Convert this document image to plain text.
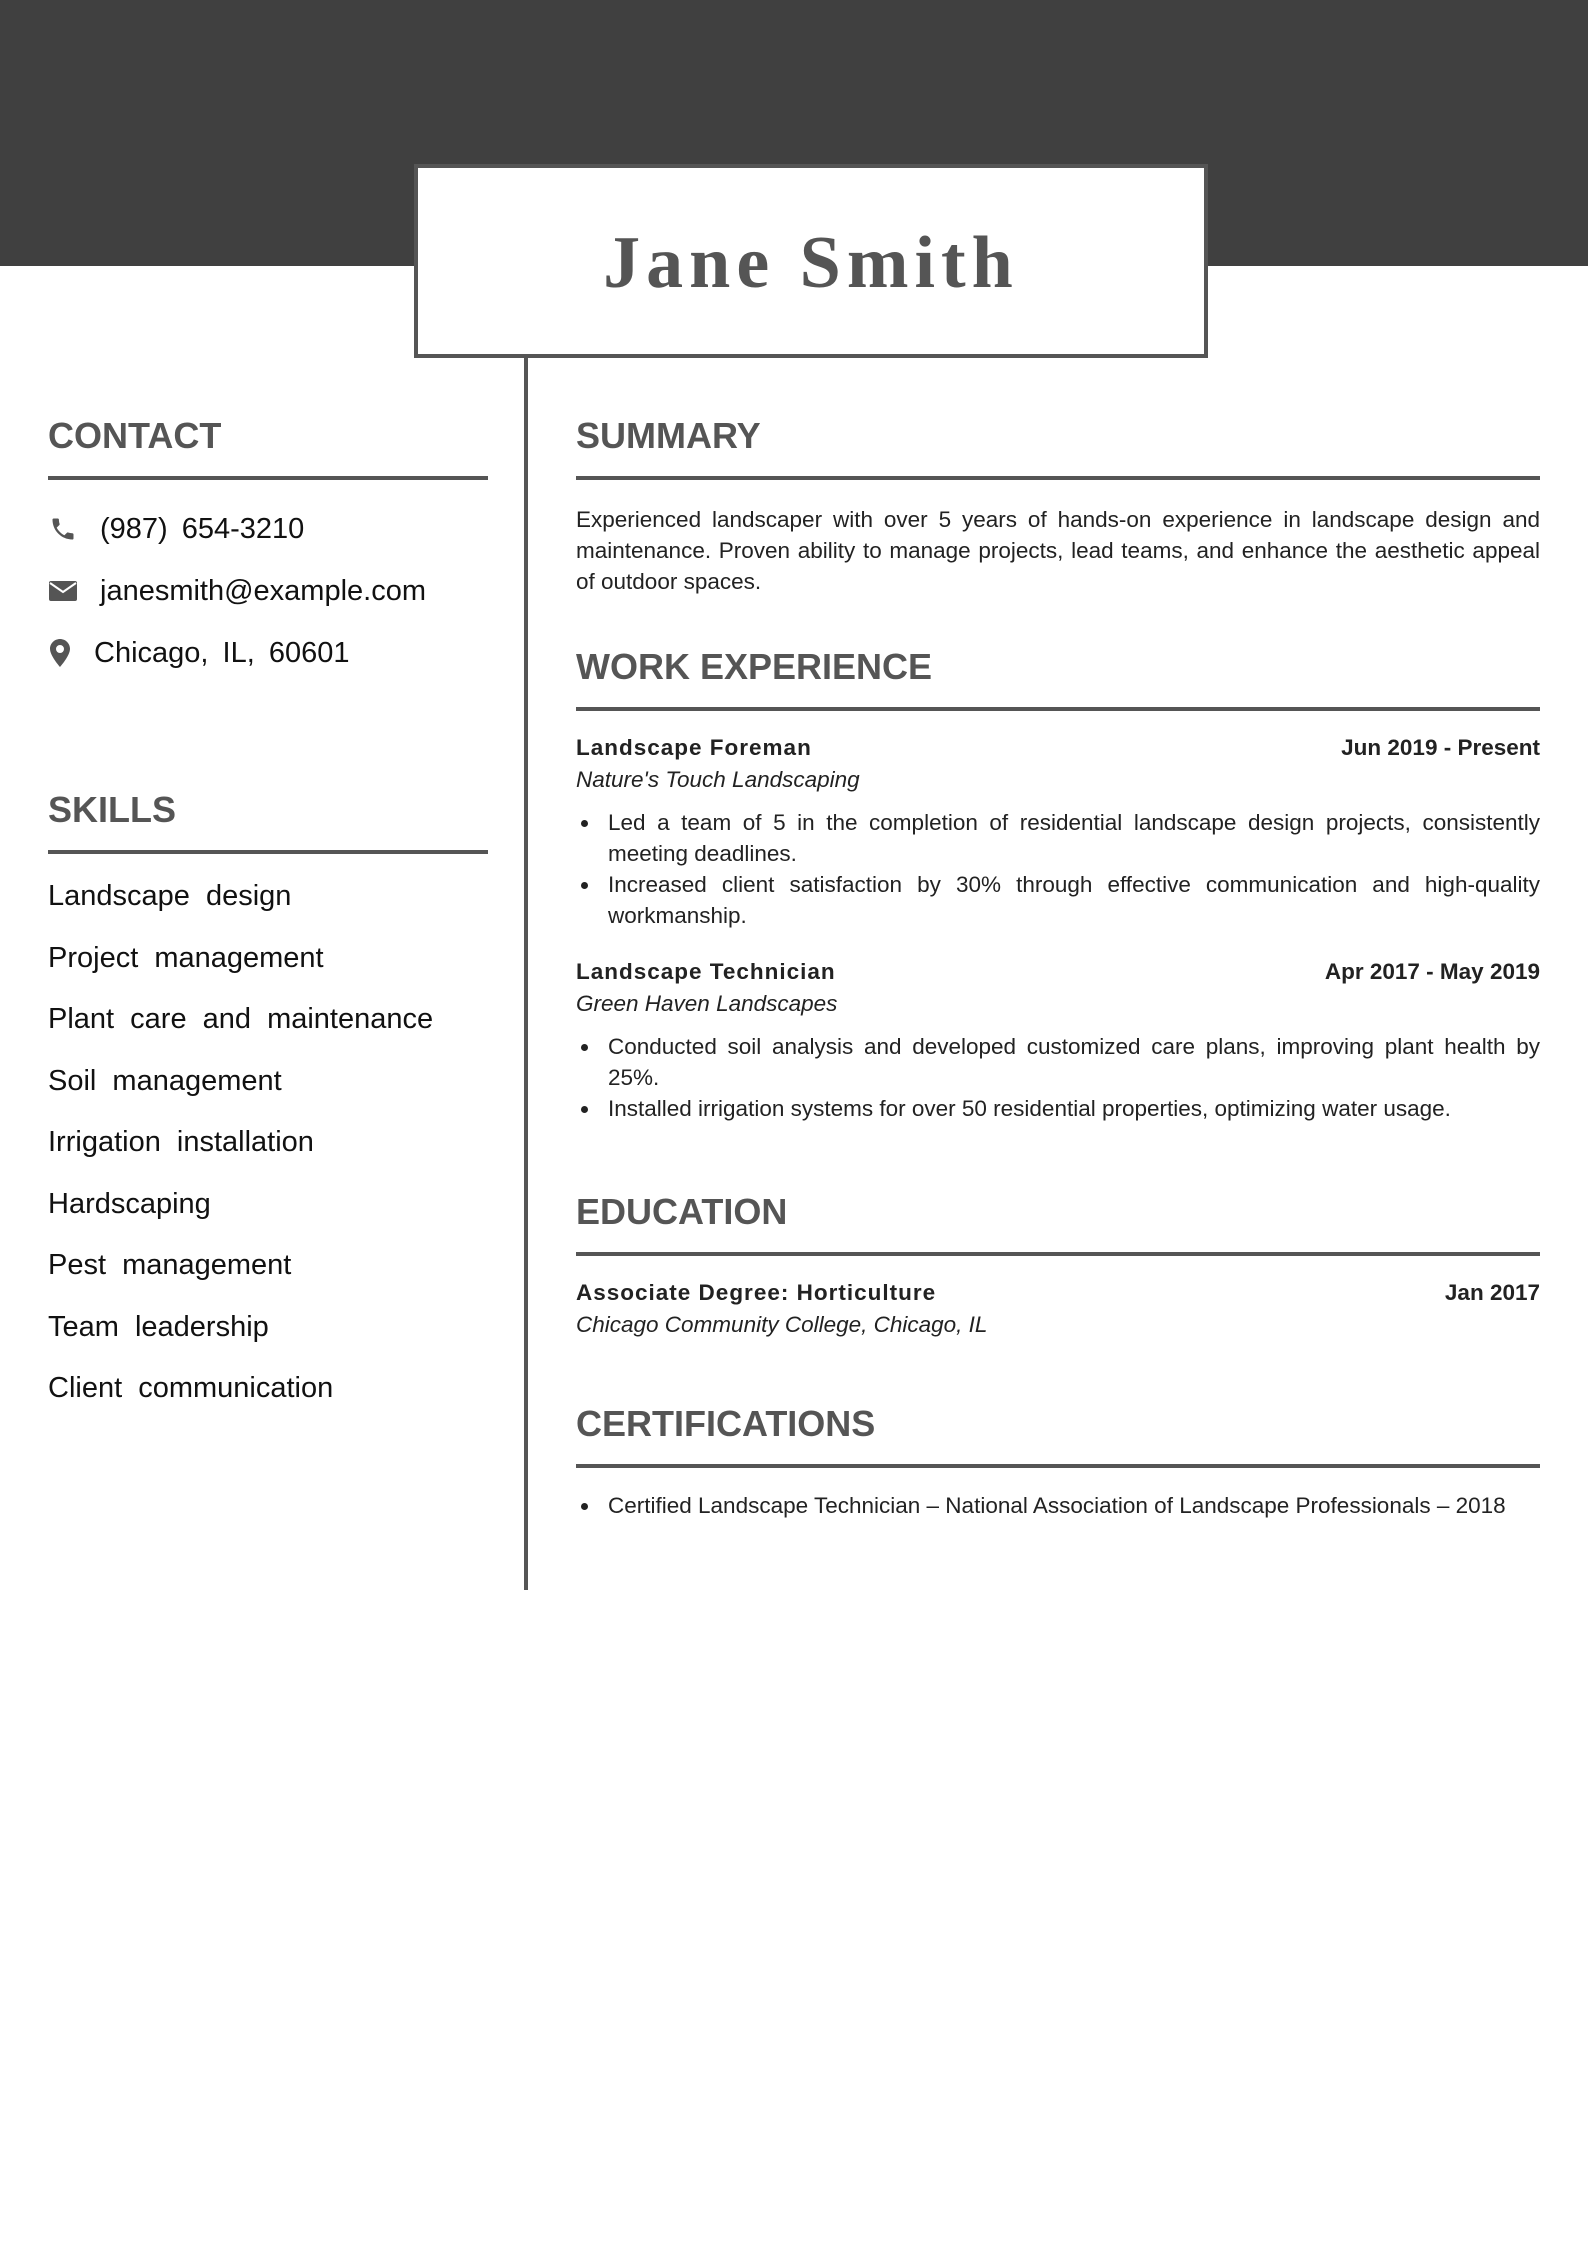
Jane Smith
CONTACT
(987) 654-3210
janesmith@example.com
Chicago, IL, 60601
SKILLS
Landscape design
Project management
Plant care and maintenance
Soil management
Irrigation installation
Hardscaping
Pest management
Team leadership
Client communication
SUMMARY

Experienced landscaper with over 5 years of hands-on experience in landscape design and maintenance. Proven ability to manage projects, lead teams, and enhance the aesthetic appeal of outdoor spaces.

WORK EXPERIENCE
Landscape Foreman	Jun 2019 - Present
Nature's Touch Landscaping
Led a team of 5 in the completion of residential landscape design projects, consistently meeting deadlines.
Increased client satisfaction by 30% through effective communication and high-quality workmanship.
Landscape Technician	Apr 2017 - May 2019
Green Haven Landscapes
Conducted soil analysis and developed customized care plans, improving plant health by 25%.
Installed irrigation systems for over 50 residential properties, optimizing water usage.
EDUCATION
Associate Degree: Horticulture	Jan 2017
Chicago Community College, Chicago, IL
CERTIFICATIONS
Certified Landscape Technician – National Association of Landscape Professionals – 2018
